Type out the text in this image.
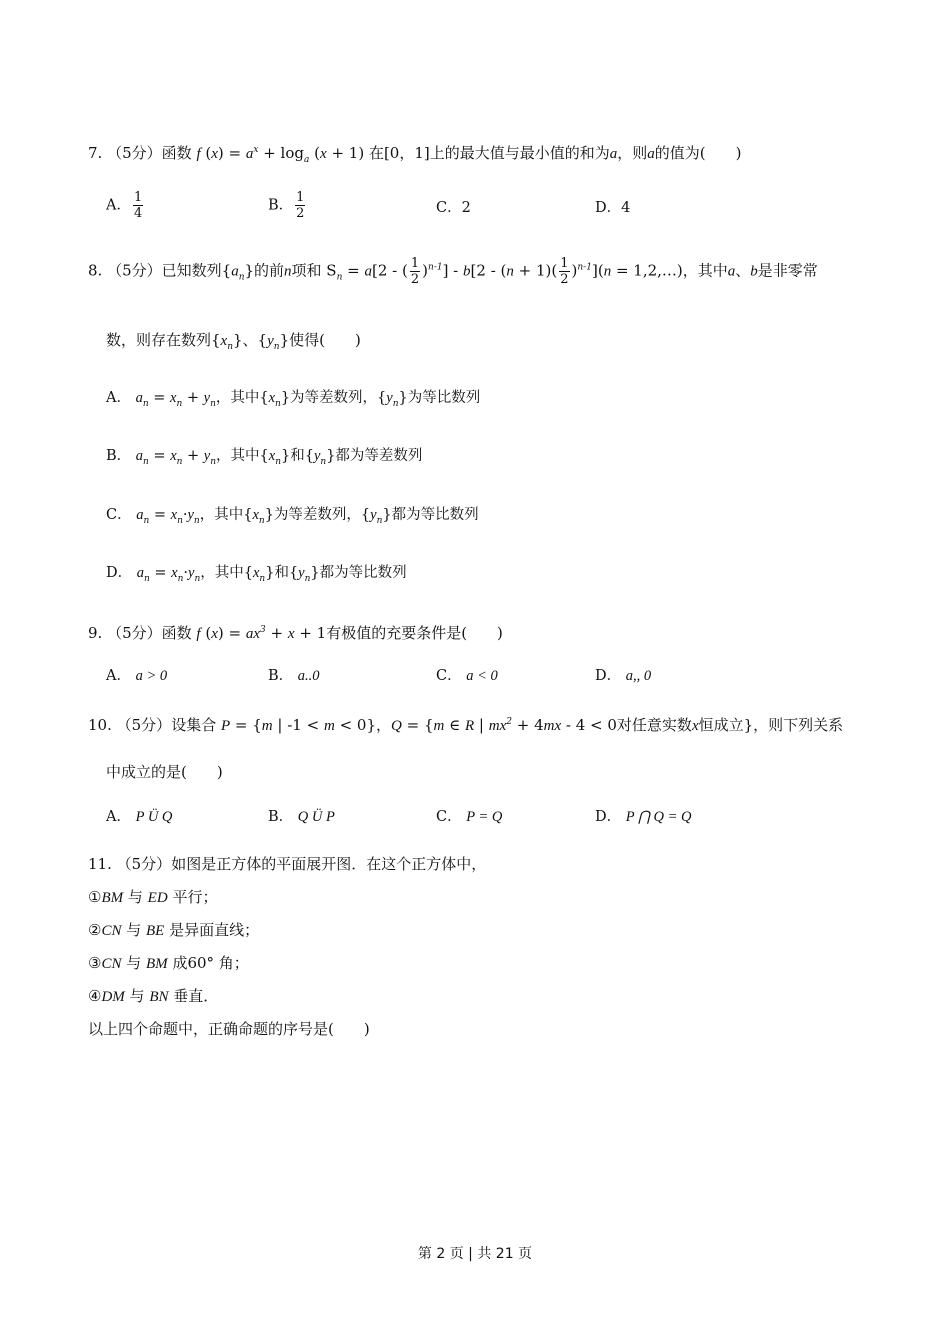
7. （5分）函数 f $(x) = a^x + \log_a (x + 1)$ 在[0，1]上的最大值与最小值的和为a，则a的值为(　　)
A． $\frac{1}{4}$	B． $\frac{1}{2}$	C．2	D．4
8. （5分）已知数列$\{a_n\}$的前n项和 $S_n = a[2$ - ( $\frac{1}{2} )^{n-1}] - b[2 - (n + 1)( \frac{1}{2} )^{n-1}](n$ = 1,2,…)，其中a、b是非零常
数，则存在数列$\{x_n\}$、$\{y_n\}$使得(　　)
A． $a_n = x_n + y_n$，其中$\{x_n\}$为等差数列，$\{y_n\}$为等比数列
B． $a_n = x_n + y_n$，其中$\{x_n\}$和$\{y_n\}$都为等差数列
C． $a_n = x_n\cdot y_n$，其中$\{x_n\}$为等差数列，$\{y_n\}$都为等比数列
D． $a_n = x_n\cdot y_n$，其中$\{x_n\}$和$\{y_n\}$都为等比数列
9. （5分）函数 f $(x) = ax^3 + x + 1$有极值的充要条件是(　　)
A． a > 0	B． a..0	C． a < 0	D． a,, 0
10. （5分）设集合 P = {m | -1 < m < 0}，Q = {m ∈ R | $mx^2 + 4mx - 4 < 0$对任意实数x恒成立}，则下列关系
中成立的是(　　)
A． P Ü Q	B． Q Ü P	C． P = Q	D． P ⋂ Q = Q
11. （5分）如图是正方体的平面展开图．在这个正方体中，
①BM 与 ED 平行；
②CN 与 BE 是异面直线；
③CN 与 BM 成60° 角；
④DM 与 BN 垂直．
以上四个命题中，正确命题的序号是(　　)
第 2 页 | 共 21 页
